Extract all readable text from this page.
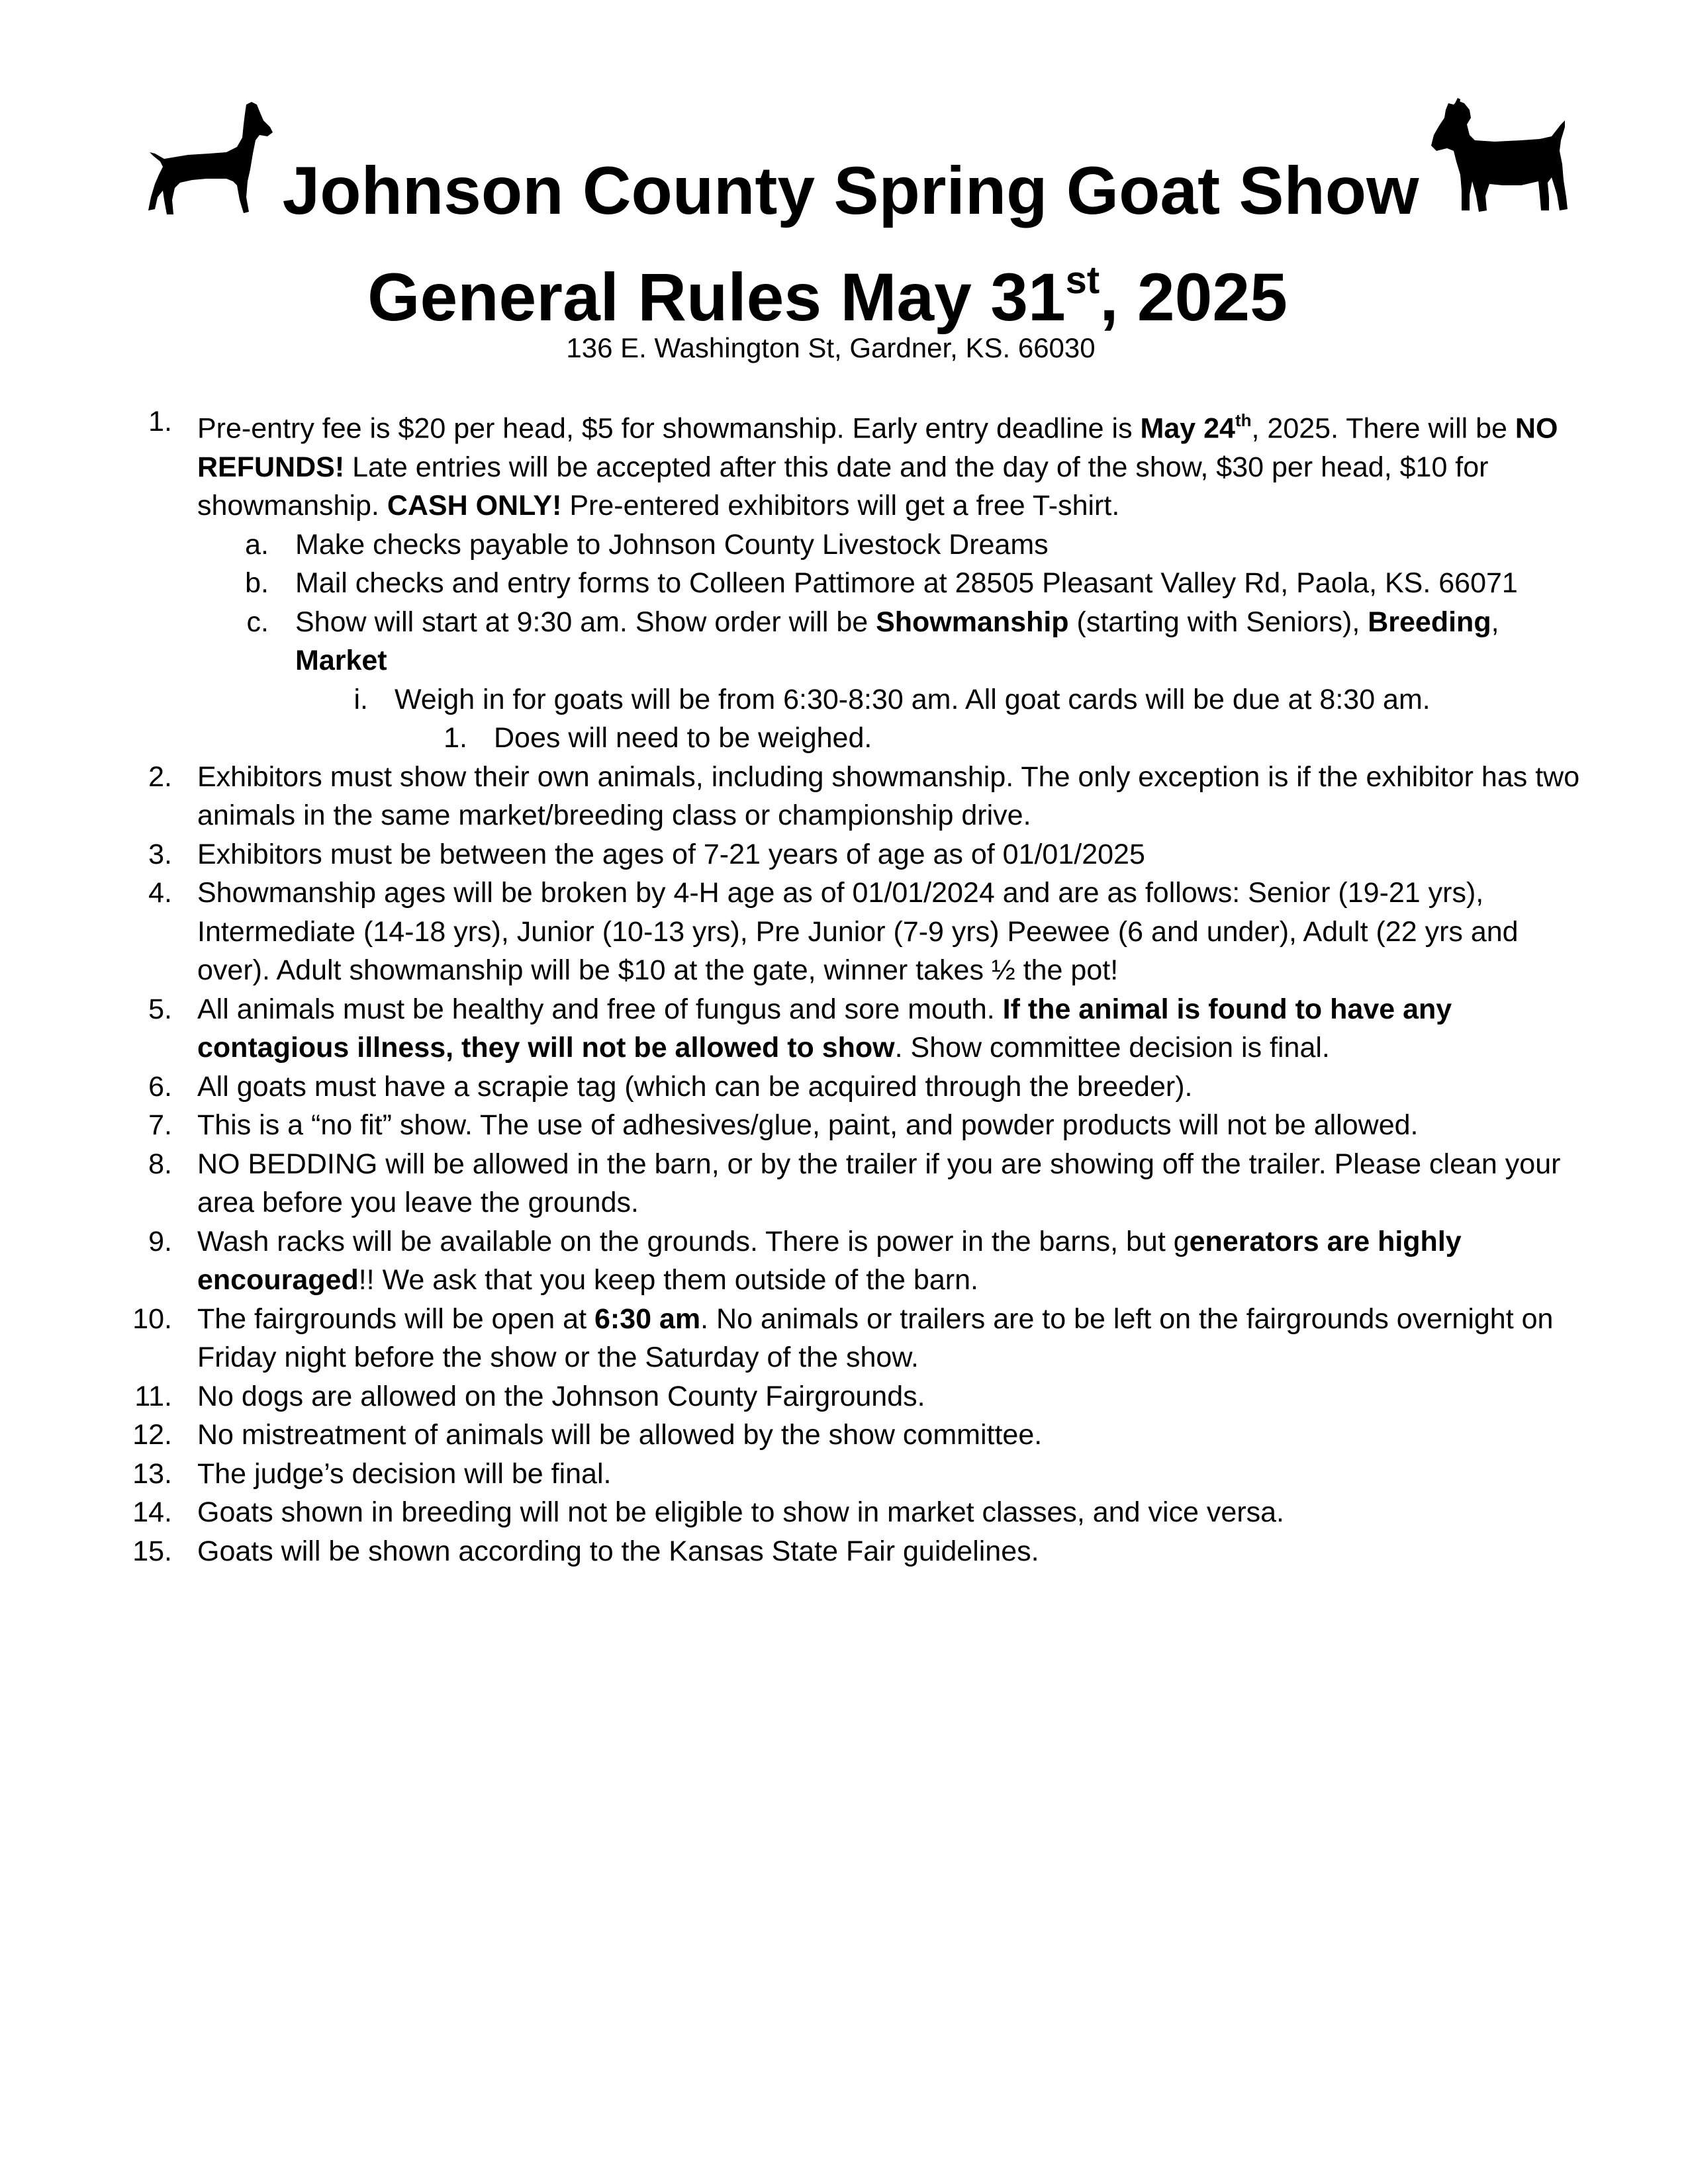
Johnson County Spring Goat Show
General Rules May 31st, 2025
136 E. Washington St, Gardner, KS. 66030
1. Pre-entry fee is $20 per head, $5 for showmanship. Early entry deadline is May 24th, 2025. There will be NO REFUNDS! Late entries will be accepted after this date and the day of the show, $30 per head, $10 for showmanship. CASH ONLY! Pre-entered exhibitors will get a free T-shirt.
a. Make checks payable to Johnson County Livestock Dreams
b. Mail checks and entry forms to Colleen Pattimore at 28505 Pleasant Valley Rd, Paola, KS. 66071
c. Show will start at 9:30 am. Show order will be Showmanship (starting with Seniors), Breeding, Market
i. Weigh in for goats will be from 6:30-8:30 am. All goat cards will be due at 8:30 am.
1. Does will need to be weighed.
2. Exhibitors must show their own animals, including showmanship. The only exception is if the exhibitor has two animals in the same market/breeding class or championship drive.
3. Exhibitors must be between the ages of 7-21 years of age as of 01/01/2025
4. Showmanship ages will be broken by 4-H age as of 01/01/2024 and are as follows: Senior (19-21 yrs), Intermediate (14-18 yrs), Junior (10-13 yrs), Pre Junior (7-9 yrs) Peewee (6 and under), Adult (22 yrs and over). Adult showmanship will be $10 at the gate, winner takes ½ the pot!
5. All animals must be healthy and free of fungus and sore mouth. If the animal is found to have any contagious illness, they will not be allowed to show. Show committee decision is final.
6. All goats must have a scrapie tag (which can be acquired through the breeder).
7. This is a “no fit” show. The use of adhesives/glue, paint, and powder products will not be allowed.
8. NO BEDDING will be allowed in the barn, or by the trailer if you are showing off the trailer. Please clean your area before you leave the grounds.
9. Wash racks will be available on the grounds. There is power in the barns, but generators are highly encouraged!! We ask that you keep them outside of the barn.
10. The fairgrounds will be open at 6:30 am. No animals or trailers are to be left on the fairgrounds overnight on Friday night before the show or the Saturday of the show.
11. No dogs are allowed on the Johnson County Fairgrounds.
12. No mistreatment of animals will be allowed by the show committee.
13. The judge’s decision will be final.
14. Goats shown in breeding will not be eligible to show in market classes, and vice versa.
15. Goats will be shown according to the Kansas State Fair guidelines.
